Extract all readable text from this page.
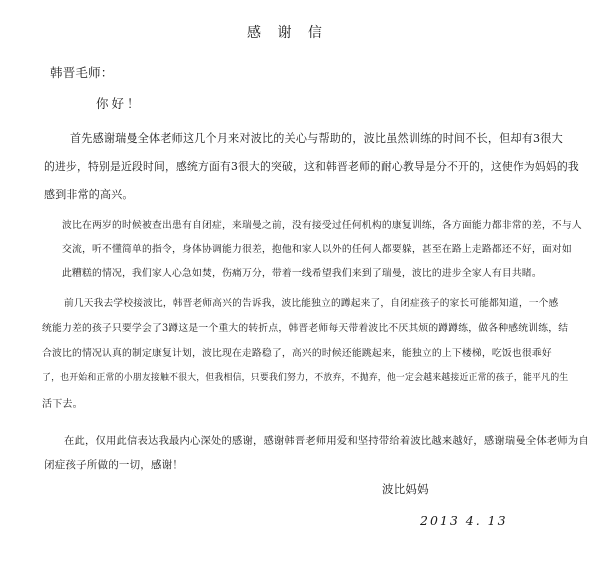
感 谢 信
韩晋毛师：
你好！
首先感谢瑞曼全体老师这几个月来对波比的关心与帮助的，波比虽然训练的时间不长，但却有3很大
的进步，特别是近段时间，感统方面有3很大的突破，这和韩晋老师的耐心教导是分不开的，这使作为妈妈的我
感到非常的高兴。
波比在两岁的时候被查出患有自闭症，来瑞曼之前，没有接受过任何机构的康复训练，各方面能力都非常的差，不与人
交流，听不懂简单的指令，身体协调能力很差，抱他和家人以外的任何人都要躲，甚至在路上走路都还不好，面对如
此糟糕的情况，我们家人心急如焚，伤痛万分，带着一线希望我们来到了瑞曼，波比的进步全家人有目共睹。
前几天我去学校接波比，韩晋老师高兴的告诉我，波比能独立的蹲起来了，自闭症孩子的家长可能都知道，一个感
统能力差的孩子只要学会了3蹲这是一个重大的转折点，韩晋老师每天带着波比不厌其烦的蹲蹲练，做各种感统训练，结
合波比的情况认真的制定康复计划，波比现在走路稳了，高兴的时候还能跳起来，能独立的上下楼梯，吃饭也很乖好
了，也开始和正常的小朋友接触不很大，但我相信，只要我们努力，不放弃，不抛弃，他一定会越来越接近正常的孩子，能平凡的生
活下去。
在此，仅用此信表达我最内心深处的感谢，感谢韩晋老师用爱和坚持带给着波比越来越好，感谢瑞曼全体老师为自
闭症孩子所做的一切，感谢！
波比妈妈
2013 4. 13
